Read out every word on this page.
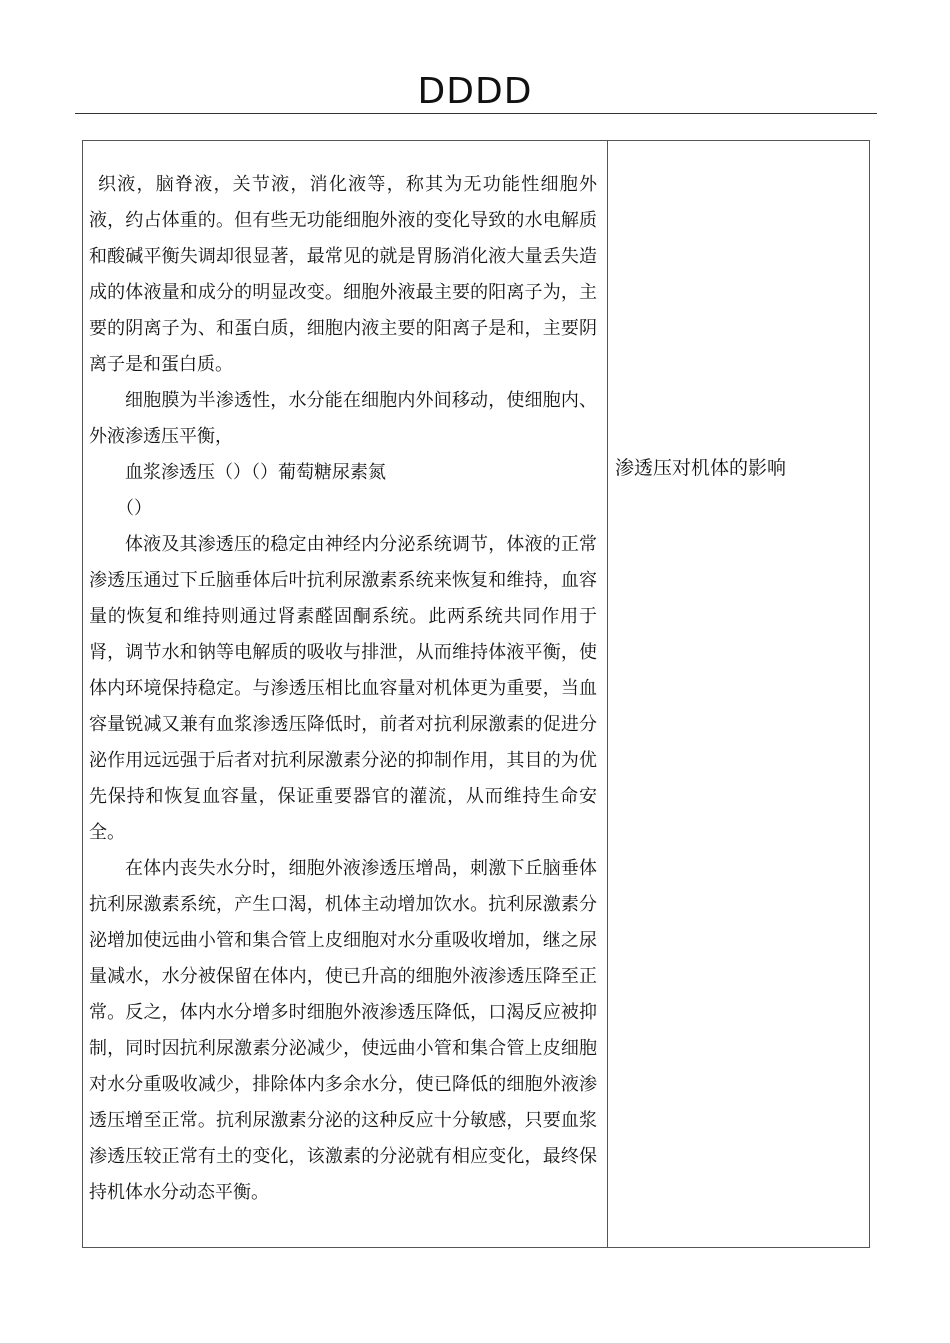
DDDD

织液，脑脊液，关节液，消化液等，称其为无功能性细胞外液，约占体重的。但有些无功能细胞外液的变化导致的水电解质和酸碱平衡失调却很显著，最常见的就是胃肠消化液大量丢失造成的体液量和成分的明显改变。细胞外液最主要的阳离子为，主要的阴离子为、和蛋白质，细胞内液主要的阳离子是和，主要阴离子是和蛋白质。

细胞膜为半渗透性，水分能在细胞内外间移动，使细胞内、外液渗透压平衡，

血浆渗透压（）（）葡萄糖尿素氮

（）

体液及其渗透压的稳定由神经内分泌系统调节，体液的正常渗透压通过下丘脑垂体后叶抗利尿激素系统来恢复和维持，血容量的恢复和维持则通过肾素醛固酮系统。此两系统共同作用于肾，调节水和钠等电解质的吸收与排泄，从而维持体液平衡，使体内环境保持稳定。与渗透压相比血容量对机体更为重要，当血容量锐减又兼有血浆渗透压降低时，前者对抗利尿激素的促进分泌作用远远强于后者对抗利尿激素分泌的抑制作用，其目的为优先保持和恢复血容量，保证重要器官的灌流，从而维持生命安全。

在体内丧失水分时，细胞外液渗透压增咼，刺激下丘脑垂体抗利尿激素系统，产生口渴，机体主动增加饮水。抗利尿激素分泌增加使远曲小管和集合管上皮细胞对水分重吸收增加，继之尿量减水，水分被保留在体内，使已升高的细胞外液渗透压降至正常。反之，体内水分增多时细胞外液渗透压降低，口渴反应被抑制，同时因抗利尿激素分泌减少，使远曲小管和集合管上皮细胞对水分重吸收减少，排除体内多余水分，使已降低的细胞外液渗透压增至正常。抗利尿激素分泌的这种反应十分敏感，只要血浆渗透压较正常有土的变化，该激素的分泌就有相应变化，最终保持机体水分动态平衡。

渗透压对机体的影响
